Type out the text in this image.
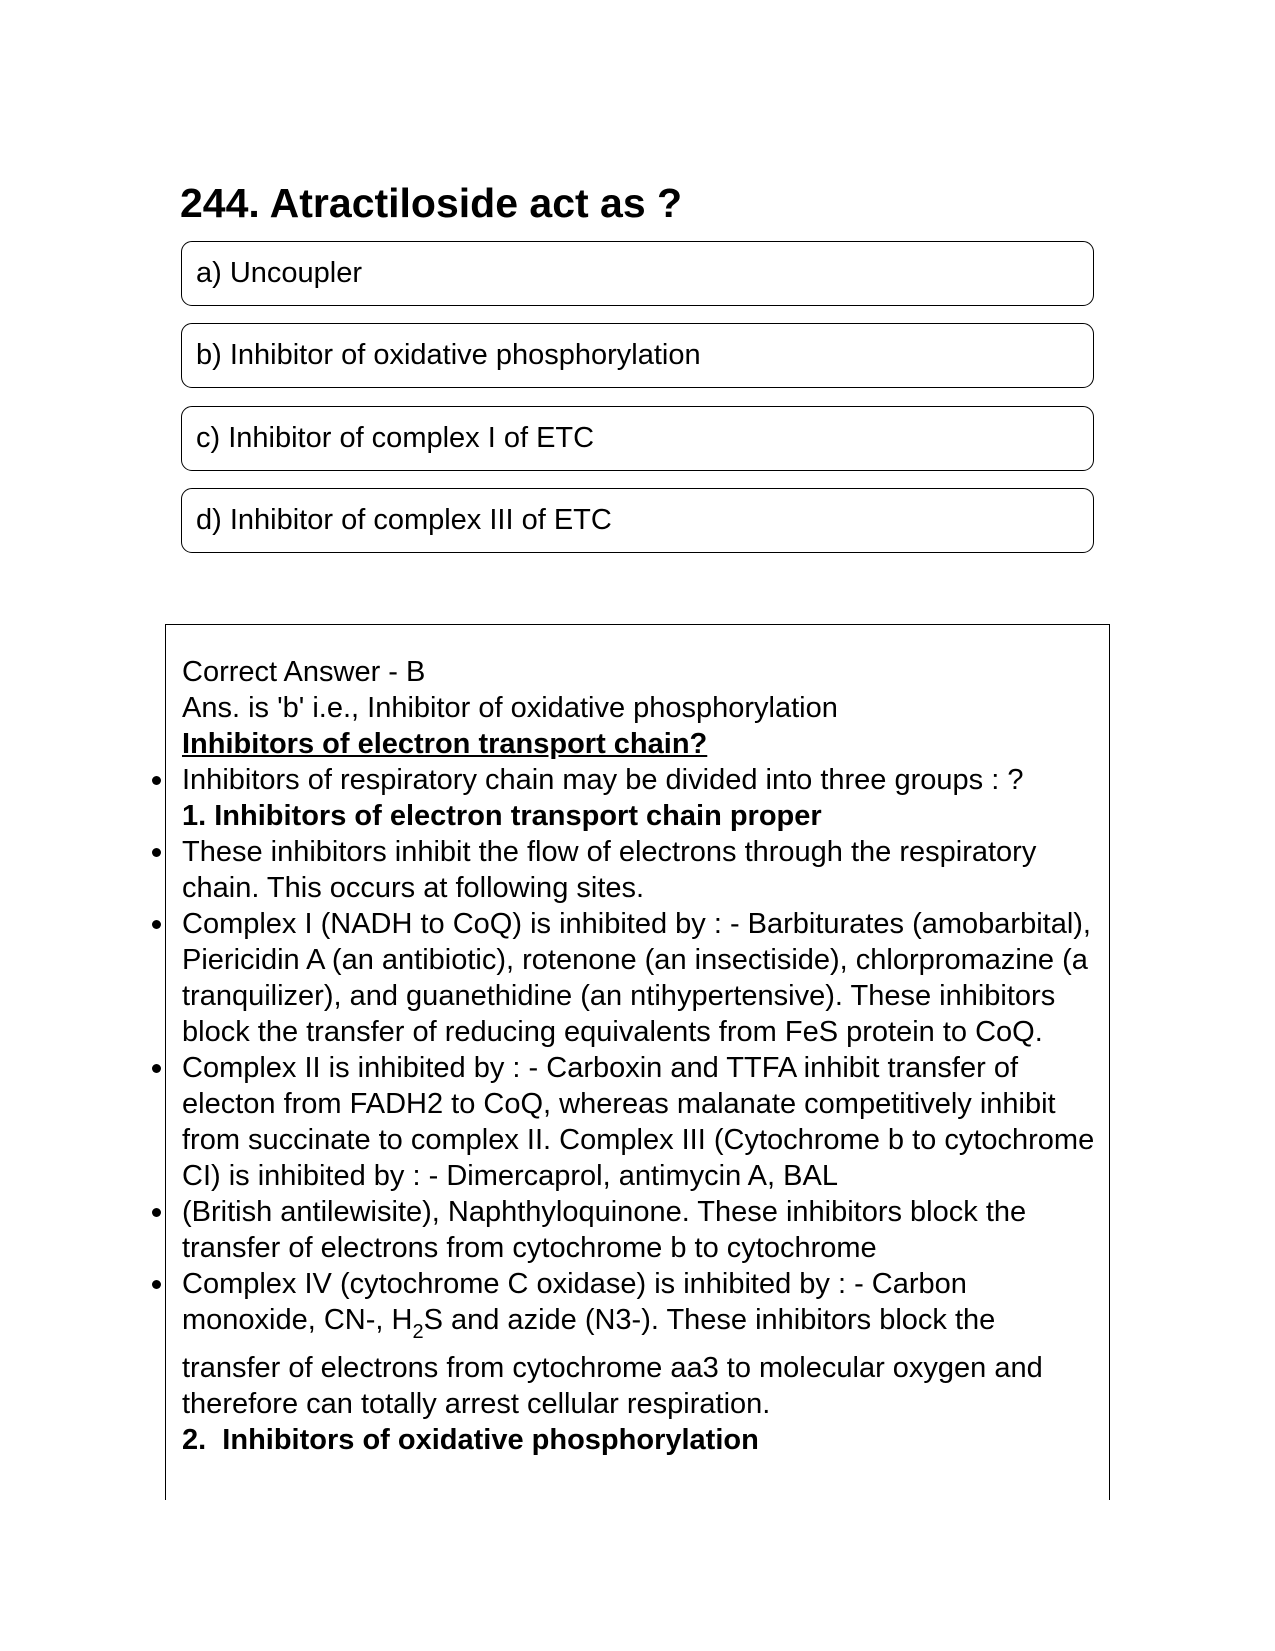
244. Atractiloside act as ?
a) Uncoupler
b) Inhibitor of oxidative phosphorylation
c) Inhibitor of complex I of ETC
d) Inhibitor of complex III of ETC
Correct Answer - B
Ans. is 'b' i.e., Inhibitor of oxidative phosphorylation
Inhibitors of electron transport chain?
Inhibitors of respiratory chain may be divided into three groups : ?
1. Inhibitors of electron transport chain proper
These inhibitors inhibit the flow of electrons through the respiratory chain. This occurs at following sites.
Complex I (NADH to CoQ) is inhibited by : - Barbiturates (amobarbital), Piericidin A (an antibiotic), rotenone (an insectiside), chlorpromazine (a tranquilizer), and guanethidine (an ntihypertensive). These inhibitors block the transfer of reducing equivalents from FeS protein to CoQ.
Complex II is inhibited by : - Carboxin and TTFA inhibit transfer of electon from FADH2 to CoQ, whereas malanate competitively inhibit from succinate to complex II. Complex III (Cytochrome b to cytochrome CI) is inhibited by : - Dimercaprol, antimycin A, BAL
(British antilewisite), Naphthyloquinone. These inhibitors block the transfer of electrons from cytochrome b to cytochrome
Complex IV (cytochrome C oxidase) is inhibited by : - Carbon monoxide, CN-, $H_2S$ and azide (N3-). These inhibitors block the transfer of electrons from cytochrome aa3 to molecular oxygen and therefore can totally arrest cellular respiration.
2.  Inhibitors of oxidative phosphorylation
